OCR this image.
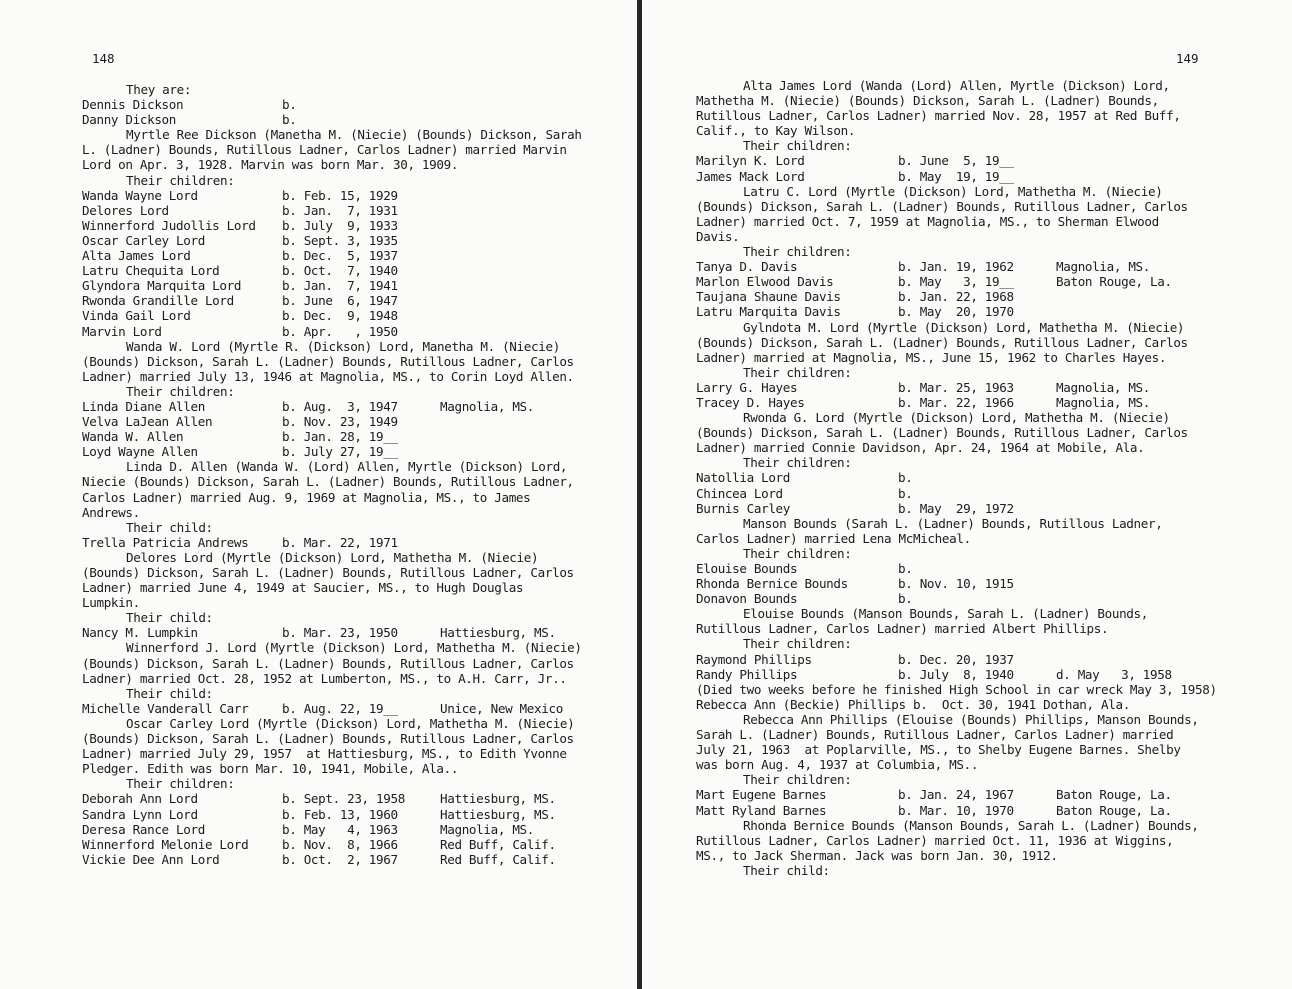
148
They are:
Dennis Dickson	b.
Danny Dickson	b.
Myrtle Ree Dickson (Manetha M. (Niecie) (Bounds) Dickson, Sarah
L. (Ladner) Bounds, Rutillous Ladner, Carlos Ladner) married Marvin
Lord on Apr. 3, 1928. Marvin was born Mar. 30, 1909.
Their children:
Wanda Wayne Lord	b. Feb. 15, 1929
Delores Lord	b. Jan.  7, 1931
Winnerford Judollis Lord	b. July  9, 1933
Oscar Carley Lord	b. Sept. 3, 1935
Alta James Lord	b. Dec.  5, 1937
Latru Chequita Lord	b. Oct.  7, 1940
Glyndora Marquita Lord	b. Jan.  7, 1941
Rwonda Grandille Lord	b. June  6, 1947
Vinda Gail Lord	b. Dec.  9, 1948
Marvin Lord	b. Apr.   , 1950
Wanda W. Lord (Myrtle R. (Dickson) Lord, Manetha M. (Niecie)
(Bounds) Dickson, Sarah L. (Ladner) Bounds, Rutillous Ladner, Carlos
Ladner) married July 13, 1946 at Magnolia, MS., to Corin Loyd Allen.
Their children:
Linda Diane Allen	b. Aug.  3, 1947	Magnolia, MS.
Velva LaJean Allen	b. Nov. 23, 1949
Wanda W. Allen	b. Jan. 28, 19__
Loyd Wayne Allen	b. July 27, 19__
Linda D. Allen (Wanda W. (Lord) Allen, Myrtle (Dickson) Lord,
Niecie (Bounds) Dickson, Sarah L. (Ladner) Bounds, Rutillous Ladner,
Carlos Ladner) married Aug. 9, 1969 at Magnolia, MS., to James
Andrews.
Their child:
Trella Patricia Andrews	b. Mar. 22, 1971
Delores Lord (Myrtle (Dickson) Lord, Mathetha M. (Niecie)
(Bounds) Dickson, Sarah L. (Ladner) Bounds, Rutillous Ladner, Carlos
Ladner) married June 4, 1949 at Saucier, MS., to Hugh Douglas
Lumpkin.
Their child:
Nancy M. Lumpkin	b. Mar. 23, 1950	Hattiesburg, MS.
Winnerford J. Lord (Myrtle (Dickson) Lord, Mathetha M. (Niecie)
(Bounds) Dickson, Sarah L. (Ladner) Bounds, Rutillous Ladner, Carlos
Ladner) married Oct. 28, 1952 at Lumberton, MS., to A.H. Carr, Jr..
Their child:
Michelle Vanderall Carr	b. Aug. 22, 19__	Unice, New Mexico
Oscar Carley Lord (Myrtle (Dickson) Lord, Mathetha M. (Niecie)
(Bounds) Dickson, Sarah L. (Ladner) Bounds, Rutillous Ladner, Carlos
Ladner) married July 29, 1957  at Hattiesburg, MS., to Edith Yvonne
Pledger. Edith was born Mar. 10, 1941, Mobile, Ala..
Their children:
Deborah Ann Lord	b. Sept. 23, 1958	Hattiesburg, MS.
Sandra Lynn Lord	b. Feb. 13, 1960	Hattiesburg, MS.
Deresa Rance Lord	b. May   4, 1963	Magnolia, MS.
Winnerford Melonie Lord	b. Nov.  8, 1966	Red Buff, Calif.
Vickie Dee Ann Lord	b. Oct.  2, 1967	Red Buff, Calif.
149
Alta James Lord (Wanda (Lord) Allen, Myrtle (Dickson) Lord,
Mathetha M. (Niecie) (Bounds) Dickson, Sarah L. (Ladner) Bounds,
Rutillous Ladner, Carlos Ladner) married Nov. 28, 1957 at Red Buff,
Calif., to Kay Wilson.
Their children:
Marilyn K. Lord	b. June  5, 19__
James Mack Lord	b. May  19, 19__
Latru C. Lord (Myrtle (Dickson) Lord, Mathetha M. (Niecie)
(Bounds) Dickson, Sarah L. (Ladner) Bounds, Rutillous Ladner, Carlos
Ladner) married Oct. 7, 1959 at Magnolia, MS., to Sherman Elwood
Davis.
Their children:
Tanya D. Davis	b. Jan. 19, 1962	Magnolia, MS.
Marlon Elwood Davis	b. May   3, 19__	Baton Rouge, La.
Taujana Shaune Davis	b. Jan. 22, 1968
Latru Marquita Davis	b. May  20, 1970
Gylndota M. Lord (Myrtle (Dickson) Lord, Mathetha M. (Niecie)
(Bounds) Dickson, Sarah L. (Ladner) Bounds, Rutillous Ladner, Carlos
Ladner) married at Magnolia, MS., June 15, 1962 to Charles Hayes.
Their children:
Larry G. Hayes	b. Mar. 25, 1963	Magnolia, MS.
Tracey D. Hayes	b. Mar. 22, 1966	Magnolia, MS.
Rwonda G. Lord (Myrtle (Dickson) Lord, Mathetha M. (Niecie)
(Bounds) Dickson, Sarah L. (Ladner) Bounds, Rutillous Ladner, Carlos
Ladner) married Connie Davidson, Apr. 24, 1964 at Mobile, Ala.
Their children:
Natollia Lord	b.
Chincea Lord	b.
Burnis Carley	b. May  29, 1972
Manson Bounds (Sarah L. (Ladner) Bounds, Rutillous Ladner,
Carlos Ladner) married Lena McMicheal.
Their children:
Elouise Bounds	b.
Rhonda Bernice Bounds	b. Nov. 10, 1915
Donavon Bounds	b.
Elouise Bounds (Manson Bounds, Sarah L. (Ladner) Bounds,
Rutillous Ladner, Carlos Ladner) married Albert Phillips.
Their children:
Raymond Phillips	b. Dec. 20, 1937
Randy Phillips	b. July  8, 1940	d. May   3, 1958
(Died two weeks before he finished High School in car wreck May 3, 1958)
Rebecca Ann (Beckie) Phillips b.  Oct. 30, 1941 Dothan, Ala.
Rebecca Ann Phillips (Elouise (Bounds) Phillips, Manson Bounds,
Sarah L. (Ladner) Bounds, Rutillous Ladner, Carlos Ladner) married
July 21, 1963  at Poplarville, MS., to Shelby Eugene Barnes. Shelby
was born Aug. 4, 1937 at Columbia, MS..
Their children:
Mart Eugene Barnes	b. Jan. 24, 1967	Baton Rouge, La.
Matt Ryland Barnes	b. Mar. 10, 1970	Baton Rouge, La.
Rhonda Bernice Bounds (Manson Bounds, Sarah L. (Ladner) Bounds,
Rutillous Ladner, Carlos Ladner) married Oct. 11, 1936 at Wiggins,
MS., to Jack Sherman. Jack was born Jan. 30, 1912.
Their child:
